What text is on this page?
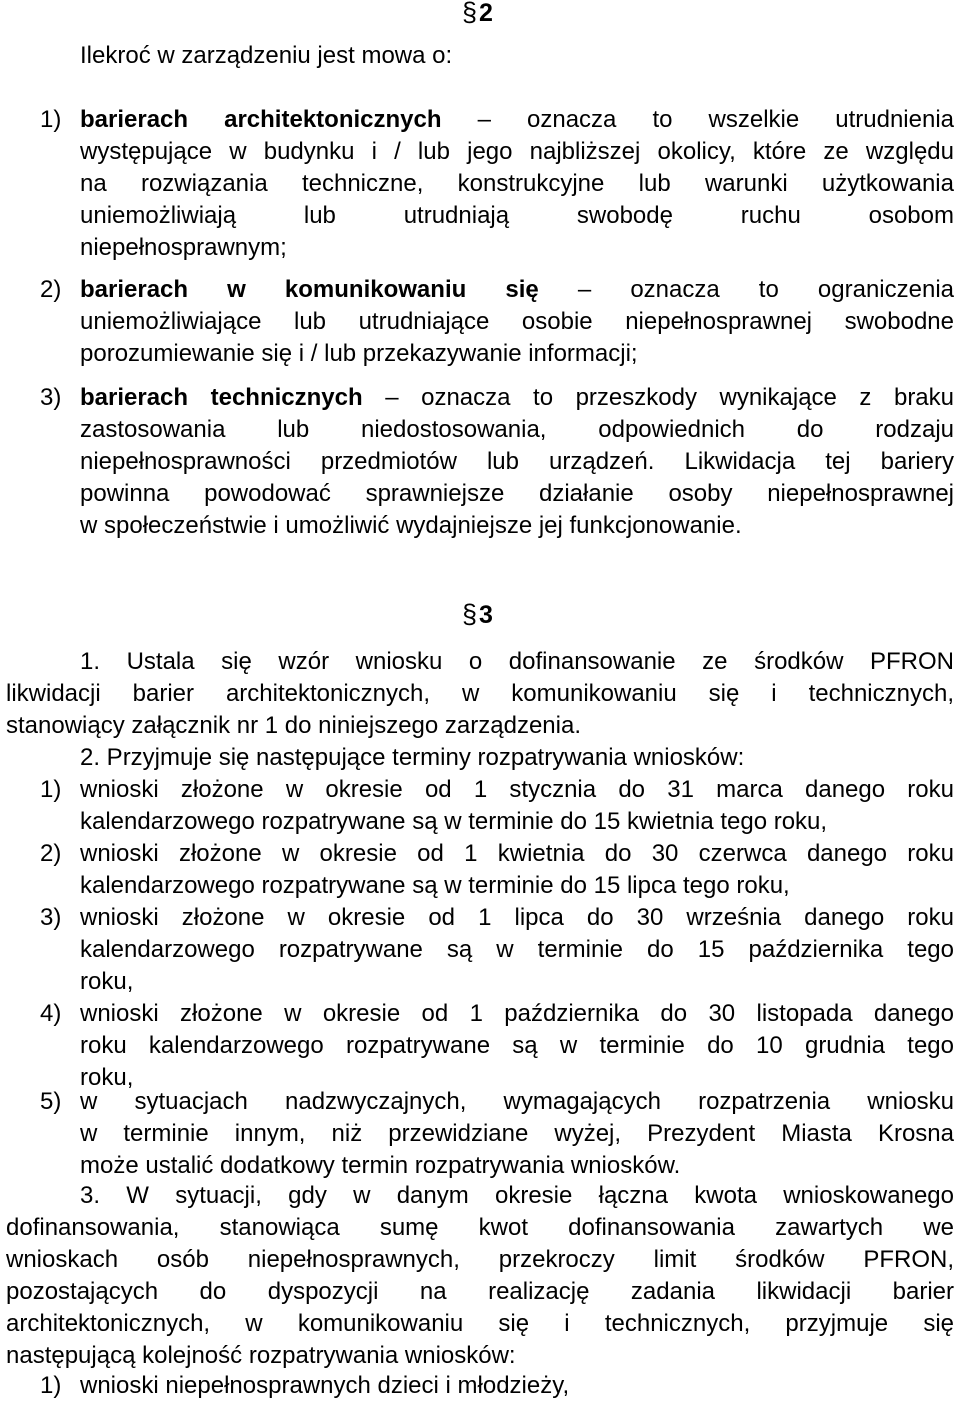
§2
Ilekroć w zarządzeniu jest mowa o:
1) barierach architektonicznych – oznacza to wszelkie utrudnienia
występujące w budynku i / lub jego najbliższej okolicy, które ze względu
na rozwiązania techniczne, konstrukcyjne lub warunki użytkowania
uniemożliwiają lub utrudniają swobodę ruchu osobom
niepełnosprawnym;
2) barierach w komunikowaniu się – oznacza to ograniczenia
uniemożliwiające lub utrudniające osobie niepełnosprawnej swobodne
porozumiewanie się i / lub przekazywanie informacji;
3) barierach technicznych – oznacza to przeszkody wynikające z braku
zastosowania lub niedostosowania, odpowiednich do rodzaju
niepełnosprawności przedmiotów lub urządzeń. Likwidacja tej bariery
powinna powodować sprawniejsze działanie osoby niepełnosprawnej
w społeczeństwie i umożliwić wydajniejsze jej funkcjonowanie.
§3
1. Ustala się wzór wniosku o dofinansowanie ze środków PFRON
likwidacji barier architektonicznych, w komunikowaniu się i technicznych,
stanowiący załącznik nr 1 do niniejszego zarządzenia.
2. Przyjmuje się następujące terminy rozpatrywania wniosków:
1) wnioski złożone w okresie od 1 stycznia do 31 marca danego roku
kalendarzowego rozpatrywane są w terminie do 15 kwietnia tego roku,
2) wnioski złożone w okresie od 1 kwietnia do 30 czerwca danego roku
kalendarzowego rozpatrywane są w terminie do 15 lipca tego roku,
3) wnioski złożone w okresie od 1 lipca do 30 września danego roku
kalendarzowego rozpatrywane są w terminie do 15 października tego
roku,
4) wnioski złożone w okresie od 1 października do 30 listopada danego
roku kalendarzowego rozpatrywane są w terminie do 10 grudnia tego
roku,
5) w sytuacjach nadzwyczajnych, wymagających rozpatrzenia wniosku
w terminie innym, niż przewidziane wyżej, Prezydent Miasta Krosna
może ustalić dodatkowy termin rozpatrywania wniosków.
3. W sytuacji, gdy w danym okresie łączna kwota wnioskowanego
dofinansowania, stanowiąca sumę kwot dofinansowania zawartych we
wnioskach osób niepełnosprawnych, przekroczy limit środków PFRON,
pozostających do dyspozycji na realizację zadania likwidacji barier
architektonicznych, w komunikowaniu się i technicznych, przyjmuje się
następującą kolejność rozpatrywania wniosków:
1) wnioski niepełnosprawnych dzieci i młodzieży,
